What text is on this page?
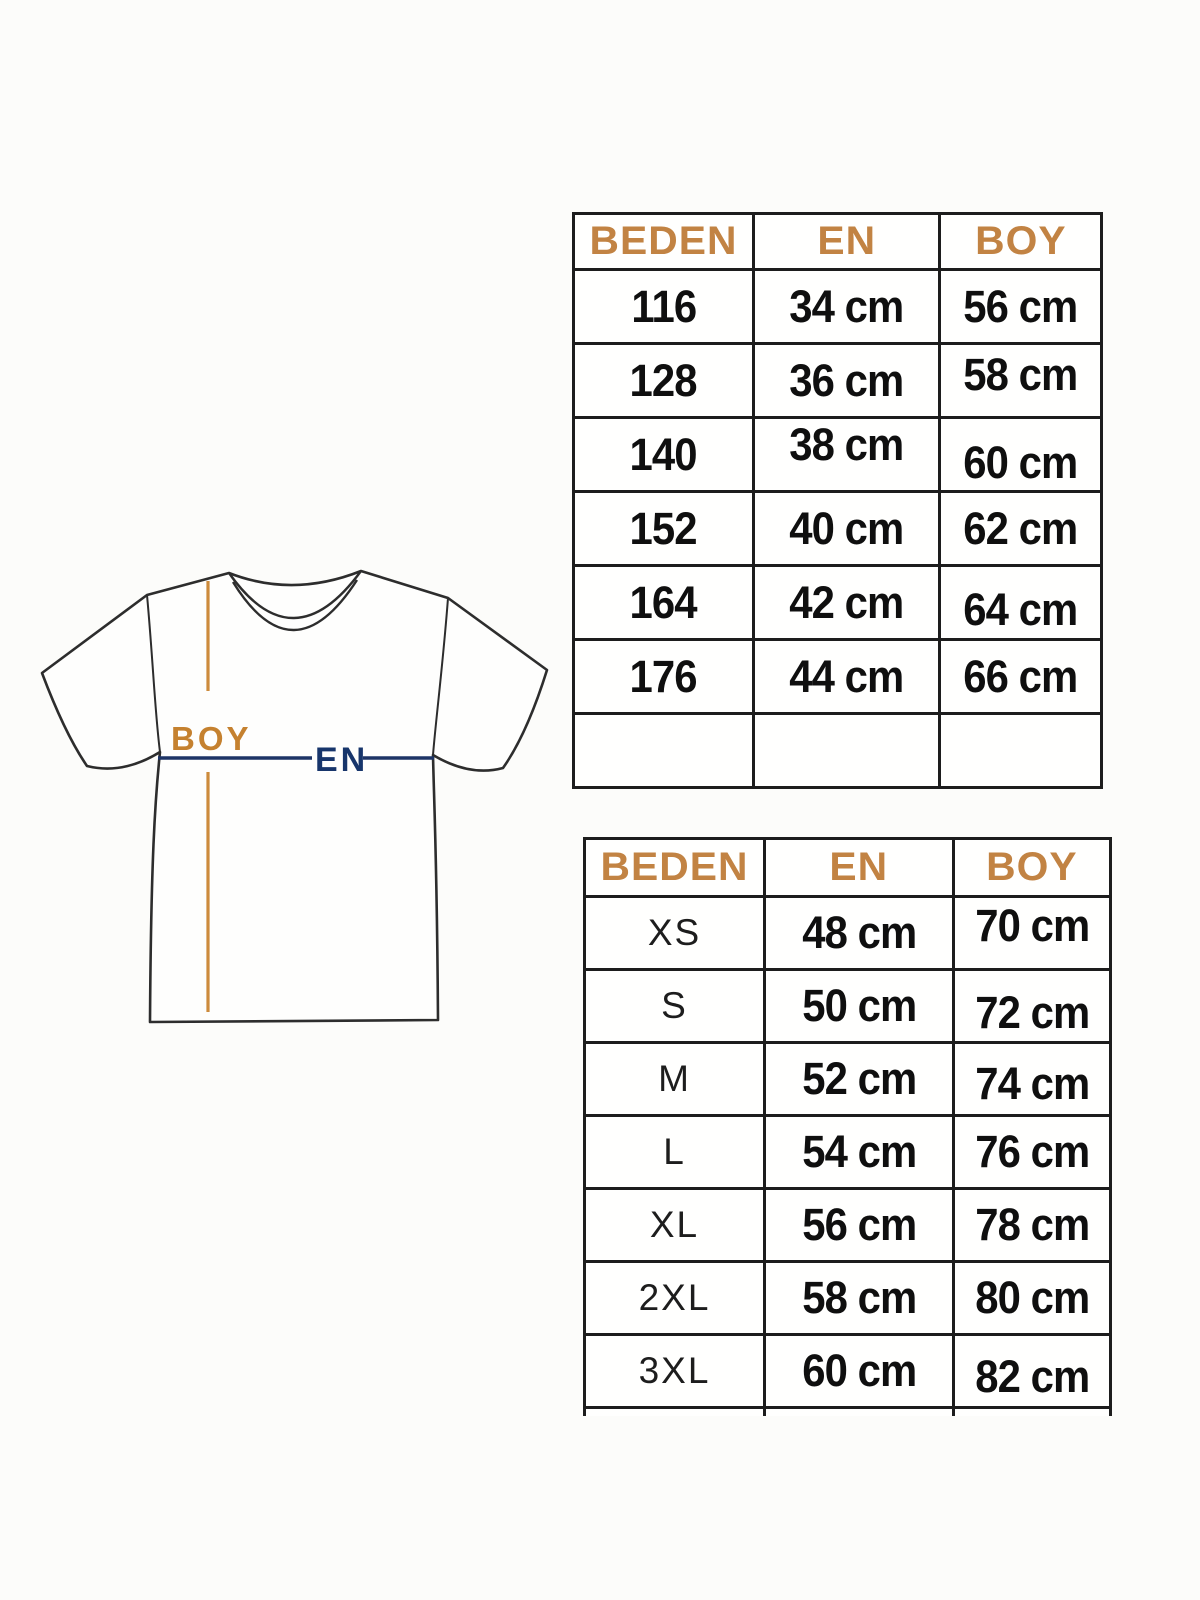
BOY
EN
BEDEN	EN	BOY
116	34 cm	56 cm
128	36 cm	58 cm
140	38 cm	60 cm
152	40 cm	62 cm
164	42 cm	64 cm
176	44 cm	66 cm

BEDEN	EN	BOY
XS	48 cm	70 cm
S	50 cm	72 cm
M	52 cm	74 cm
L	54 cm	76 cm
XL	56 cm	78 cm
2XL	58 cm	80 cm
3XL	60 cm	82 cm
